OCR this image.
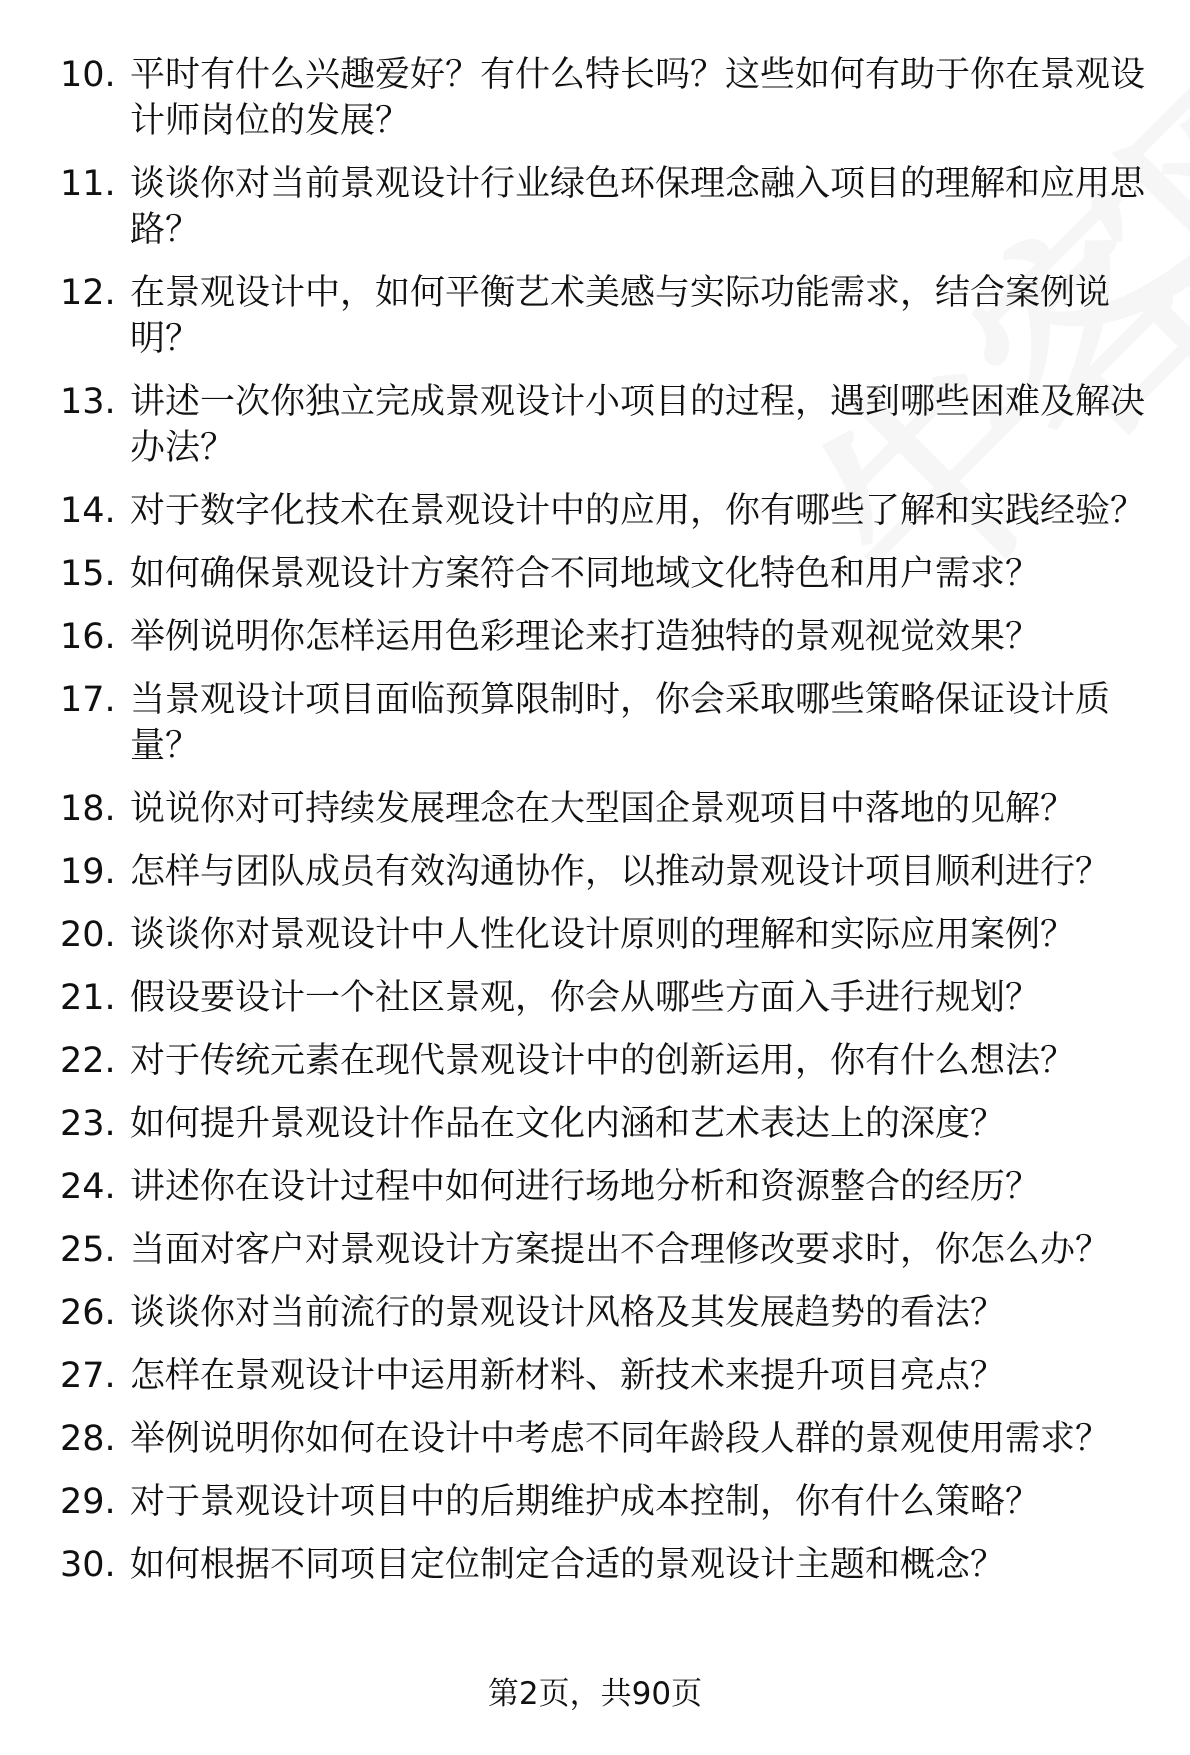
10. 平时有什么兴趣爱好？有什么特长吗？这些如何有助于你在景观设计师岗位的发展？
11. 谈谈你对当前景观设计行业绿色环保理念融入项目的理解和应用思路？
12. 在景观设计中，如何平衡艺术美感与实际功能需求，结合案例说明？
13. 讲述一次你独立完成景观设计小项目的过程，遇到哪些困难及解决办法？
14. 对于数字化技术在景观设计中的应用，你有哪些了解和实践经验？
15. 如何确保景观设计方案符合不同地域文化特色和用户需求？
16. 举例说明你怎样运用色彩理论来打造独特的景观视觉效果？
17. 当景观设计项目面临预算限制时，你会采取哪些策略保证设计质量？
18. 说说你对可持续发展理念在大型国企景观项目中落地的见解？
19. 怎样与团队成员有效沟通协作，以推动景观设计项目顺利进行？
20. 谈谈你对景观设计中人性化设计原则的理解和实际应用案例？
21. 假设要设计一个社区景观，你会从哪些方面入手进行规划？
22. 对于传统元素在现代景观设计中的创新运用，你有什么想法？
23. 如何提升景观设计作品在文化内涵和艺术表达上的深度？
24. 讲述你在设计过程中如何进行场地分析和资源整合的经历？
25. 当面对客户对景观设计方案提出不合理修改要求时，你怎么办？
26. 谈谈你对当前流行的景观设计风格及其发展趋势的看法？
27. 怎样在景观设计中运用新材料、新技术来提升项目亮点？
28. 举例说明你如何在设计中考虑不同年龄段人群的景观使用需求？
29. 对于景观设计项目中的后期维护成本控制，你有什么策略？
30. 如何根据不同项目定位制定合适的景观设计主题和概念？
第2页，共90页
